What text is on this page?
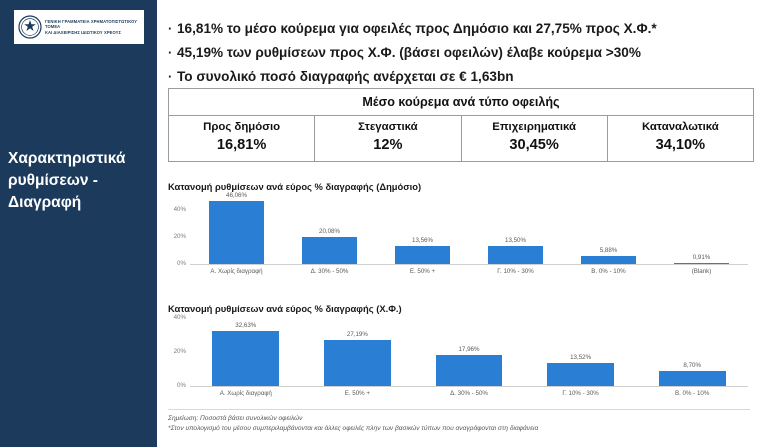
ΓΕΝΙΚΗ ΓΡΑΜΜΑΤΕΙΑ ΧΡΗΜΑΤΟΠΙΣΤΩΤΙΚΟΥ ΤΟΜΕΑ
ΚΑΙ ΔΙΑΧΕΙΡΙΣΗΣ ΙΔΙΩΤΙΚΟΥ ΧΡΕΟΥΣ
Χαρακτηριστικά ρυθμίσεων - Διαγραφή
· 16,81% το μέσο κούρεμα για οφειλές προς Δημόσιο και 27,75% προς Χ.Φ.*
· 45,19% των ρυθμίσεων προς Χ.Φ. (βάσει οφειλών) έλαβε κούρεμα >30%
· Το συνολικό ποσό διαγραφής ανέρχεται σε € 1,63bn
Μέσο κούρεμα ανά τύπο οφειλής			
Προς δημόσιο	Στεγαστικά	Επιχειρηματικά	Καταναλωτικά
16,81%	12%	30,45%	34,10%
Κατανομή ρυθμίσεων ανά εύρος % διαγραφής (Δημόσιο)
0%
20%
40%
46,06%
Α. Χωρίς διαγραφή
20,08%
Δ. 30% - 50%
13,56%
Ε. 50% +
13,50%
Γ. 10% - 30%
5,88%
Β. 0% - 10%
0,91%
(Blank)
Κατανομή ρυθμίσεων ανά εύρος % διαγραφής (Χ.Φ.)
0%
20%
40%
32,63%
Α. Χωρίς διαγραφή
27,19%
Ε. 50% +
17,96%
Δ. 30% - 50%
13,52%
Γ. 10% - 30%
8,70%
Β. 0% - 10%
Σημείωση: Ποσοστά βάσει συνολικών οφειλών
*Στον υπολογισμό του μέσου συμπεριλαμβάνονται και άλλες οφειλές πλην των βασικών τύπων που αναγράφονται στη διαφάνεια
